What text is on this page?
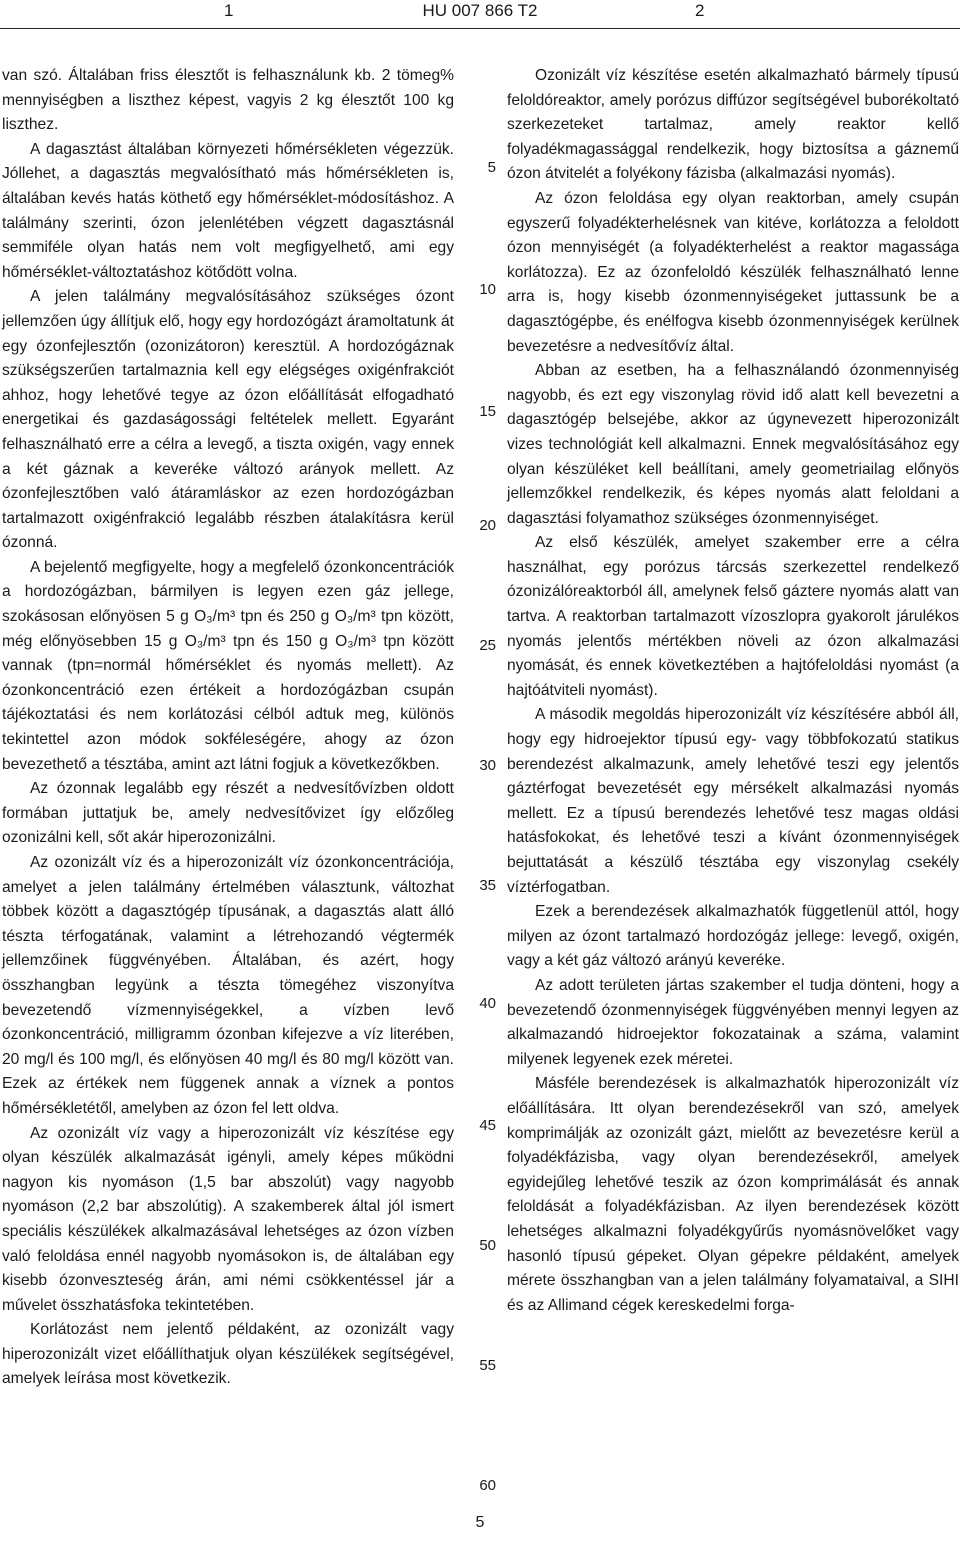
1	HU 007 866 T2	2

van szó. Általában friss élesztőt is felhasználunk kb. 2 tömeg% mennyiségben a liszthez képest, vagyis 2 kg élesztőt 100 kg liszthez.

A dagasztást általában környezeti hőmérsékleten végezzük. Jóllehet, a dagasztás megvalósítható más hőmérsékleten is, általában kevés hatás köthető egy hőmérséklet-módosításhoz. A találmány szerinti, ózon jelenlétében végzett dagasztásnál semmiféle olyan hatás nem volt megfigyelhető, ami egy hőmérséklet-változtatáshoz kötődött volna.

A jelen találmány megvalósításához szükséges ózont jellemzően úgy állítjuk elő, hogy egy hordozógázt áramoltatunk át egy ózonfejlesztőn (ozonizátoron) keresztül. A hordozógáznak szükségszerűen tartalmaznia kell egy elégséges oxigénfrakciót ahhoz, hogy lehetővé tegye az ózon előállítását elfogadható energetikai és gazdaságossági feltételek mellett. Egyaránt felhasználható erre a célra a levegő, a tiszta oxigén, vagy ennek a két gáznak a keveréke változó arányok mellett. Az ózonfejlesztőben való átáramláskor az ezen hordozógázban tartalmazott oxigénfrakció legalább részben átalakításra kerül ózonná.

A bejelentő megfigyelte, hogy a megfelelő ózonkoncentrációk a hordozógázban, bármilyen is legyen ezen gáz jellege, szokásosan előnyösen 5 g O₃/m³ tpn és 250 g O₃/m³ tpn között, még előnyösebben 15 g O₃/m³ tpn és 150 g O₃/m³ tpn között vannak (tpn=normál hőmérséklet és nyomás mellett). Az ózonkoncentráció ezen értékeit a hordozógázban csupán tájékoztatási és nem korlátozási célból adtuk meg, különös tekintettel azon módok sokféleségére, ahogy az ózon bevezethető a tésztába, amint azt látni fogjuk a következőkben.

Az ózonnak legalább egy részét a nedvesítővízben oldott formában juttatjuk be, amely nedvesítővizet így előzőleg ozonizálni kell, sőt akár hiperozonizálni.

Az ozonizált víz és a hiperozonizált víz ózonkoncentrációja, amelyet a jelen találmány értelmében választunk, változhat többek között a dagasztógép típusának, a dagasztás alatt álló tészta térfogatának, valamint a létrehozandó végtermék jellemzőinek függvényében. Általában, és azért, hogy összhangban legyünk a tészta tömegéhez viszonyítva bevezetendő vízmennyiségekkel, a vízben levő ózonkoncentráció, milligramm ózonban kifejezve a víz literében, 20 mg/l és 100 mg/l, és előnyösen 40 mg/l és 80 mg/l között van. Ezek az értékek nem függenek annak a víznek a pontos hőmérsékletétől, amelyben az ózon fel lett oldva.

Az ozonizált víz vagy a hiperozonizált víz készítése egy olyan készülék alkalmazását igényli, amely képes működni nagyon kis nyomáson (1,5 bar abszolút) vagy nagyobb nyomáson (2,2 bar abszolútig). A szakemberek által jól ismert speciális készülékek alkalmazásával lehetséges az ózon vízben való feloldása ennél nagyobb nyomásokon is, de általában egy kisebb ózonveszteség árán, ami némi csökkentéssel jár a művelet összhatásfoka tekintetében.

Korlátozást nem jelentő példaként, az ozonizált vagy hiperozonizált vizet előállíthatjuk olyan készülékek segítségével, amelyek leírása most következik.

5
10
15
20
25
30
35
40
45
50
55
60

Ozonizált víz készítése esetén alkalmazható bármely típusú feloldóreaktor, amely porózus diffúzor segítségével buborékoltató szerkezeteket tartalmaz, amely reaktor kellő folyadékmagassággal rendelkezik, hogy biztosítsa a gáznemű ózon átvitelét a folyékony fázisba (alkalmazási nyomás).

Az ózon feloldása egy olyan reaktorban, amely csupán egyszerű folyadékterhelésnek van kitéve, korlátozza a feloldott ózon mennyiségét (a folyadékterhelést a reaktor magassága korlátozza). Ez az ózonfeloldó készülék felhasználható lenne arra is, hogy kisebb ózonmennyiségeket juttassunk be a dagasztógépbe, és enélfogva kisebb ózonmennyiségek kerülnek bevezetésre a nedvesítővíz által.

Abban az esetben, ha a felhasználandó ózonmennyiség nagyobb, és ezt egy viszonylag rövid idő alatt kell bevezetni a dagasztógép belsejébe, akkor az úgynevezett hiperozonizált vizes technológiát kell alkalmazni. Ennek megvalósításához egy olyan készüléket kell beállítani, amely geometriailag előnyös jellemzőkkel rendelkezik, és képes nyomás alatt feloldani a dagasztási folyamathoz szükséges ózonmennyiséget.

Az első készülék, amelyet szakember erre a célra használhat, egy porózus tárcsás szerkezettel rendelkező ózonizálóreaktorból áll, amelynek felső gáztere nyomás alatt van tartva. A reaktorban tartalmazott vízoszlopra gyakorolt járulékos nyomás jelentős mértékben növeli az ózon alkalmazási nyomását, és ennek következtében a hajtófeloldási nyomást (a hajtóátviteli nyomást).

A második megoldás hiperozonizált víz készítésére abból áll, hogy egy hidroejektor típusú egy- vagy többfokozatú statikus berendezést alkalmazunk, amely lehetővé teszi egy jelentős gáztérfogat bevezetését egy mérsékelt alkalmazási nyomás mellett. Ez a típusú berendezés lehetővé tesz magas oldási hatásfokokat, és lehetővé teszi a kívánt ózonmennyiségek bejuttatását a készülő tésztába egy viszonylag csekély víztérfogatban.

Ezek a berendezések alkalmazhatók függetlenül attól, hogy milyen az ózont tartalmazó hordozógáz jellege: levegő, oxigén, vagy a két gáz változó arányú keveréke.

Az adott területen jártas szakember el tudja dönteni, hogy a bevezetendő ózonmennyiségek függvényében mennyi legyen az alkalmazandó hidroejektor fokozatainak a száma, valamint milyenek legyenek ezek méretei.

Másféle berendezések is alkalmazhatók hiperozonizált víz előállítására. Itt olyan berendezésekről van szó, amelyek komprimálják az ozonizált gázt, mielőtt az bevezetésre kerül a folyadékfázisba, vagy olyan berendezésekről, amelyek egyidejűleg lehetővé teszik az ózon komprimálását és annak feloldását a folyadékfázisban. Az ilyen berendezések között lehetséges alkalmazni folyadékgyűrűs nyomásnövelőket vagy hasonló típusú gépeket. Olyan gépekre példaként, amelyek mérete összhangban van a jelen találmány folyamataival, a SIHI és az Allimand cégek kereskedelmi forga-

5
